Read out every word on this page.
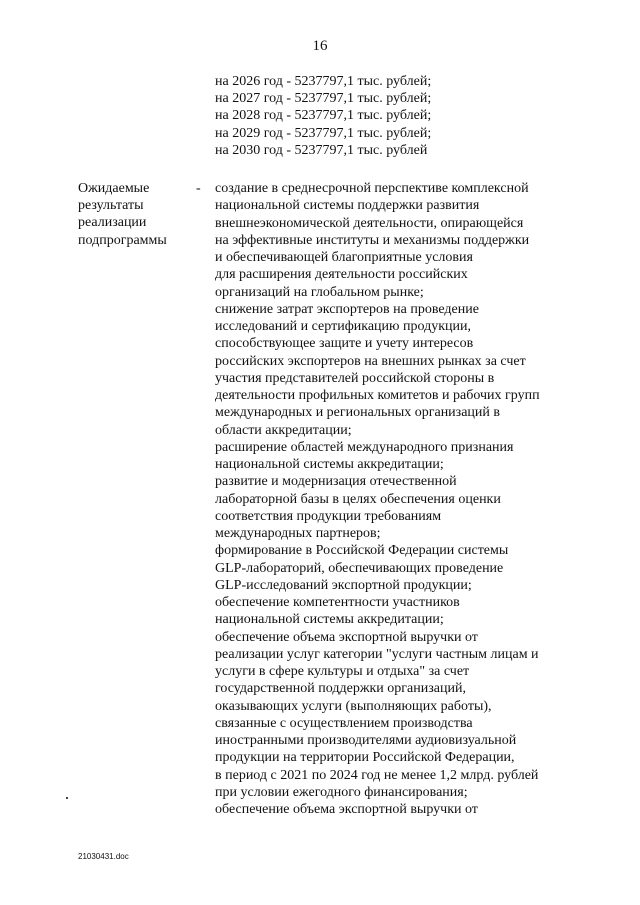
16
на 2026 год - 5237797,1 тыс. рублей;
на 2027 год - 5237797,1 тыс. рублей;
на 2028 год - 5237797,1 тыс. рублей;
на 2029 год - 5237797,1 тыс. рублей;
на 2030 год - 5237797,1 тыс. рублей
Ожидаемые
результаты
реализации
подпрограммы
- создание в среднесрочной перспективе комплексной
национальной системы поддержки развития
внешнеэкономической деятельности, опирающейся
на эффективные институты и механизмы поддержки
и обеспечивающей благоприятные условия
для расширения деятельности российских
организаций на глобальном рынке;
снижение затрат экспортеров на проведение
исследований и сертификацию продукции,
способствующее защите и учету интересов
российских экспортеров на внешних рынках за счет
участия представителей российской стороны в
деятельности профильных комитетов и рабочих групп
международных и региональных организаций в
области аккредитации;
расширение областей международного признания
национальной системы аккредитации;
развитие и модернизация отечественной
лабораторной базы в целях обеспечения оценки
соответствия продукции требованиям
международных партнеров;
формирование в Российской Федерации системы
GLP-лабораторий, обеспечивающих проведение
GLP-исследований экспортной продукции;
обеспечение компетентности участников
национальной системы аккредитации;
обеспечение объема экспортной выручки от
реализации услуг категории "услуги частным лицам и
услуги в сфере культуры и отдыха" за счет
государственной поддержки организаций,
оказывающих услуги (выполняющих работы),
связанные с осуществлением производства
иностранными производителями аудиовизуальной
продукции на территории Российской Федерации,
в период с 2021 по 2024 год не менее 1,2 млрд. рублей
при условии ежегодного финансирования;
обеспечение объема экспортной выручки от
21030431.doc
